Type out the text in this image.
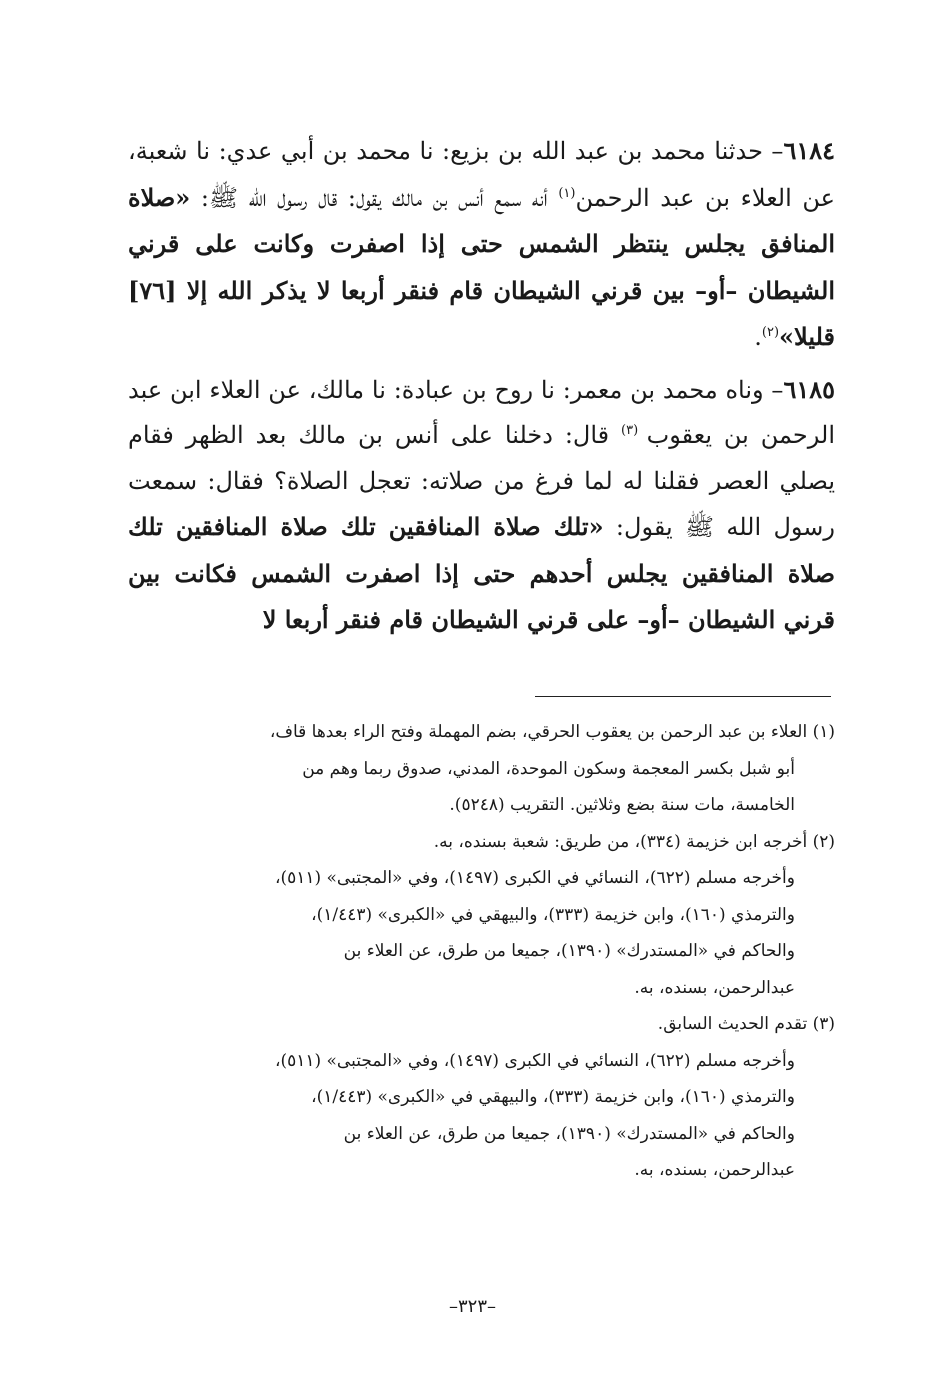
٦١٨٤– حدثنا محمد بن عبد الله بن بزيع: نا محمد بن أبي عدي: نا شعبة، عن العلاء بن عبد الرحمن$^{(١)}$ أنه سمع أنس بن مالك يقول: قال رسول الله ﷺ: «صلاة المنافق يجلس ينتظر الشمس حتى إذا اصفرت وكانت على قرني الشيطان –أو– بين قرني الشيطان قام فنقر أربعا لا يذكر الله إلا [٧٦] قليلا»$^{(٢)}$.

٦١٨٥– وناه محمد بن معمر: نا روح بن عبادة: نا مالك، عن العلاء ابن عبد الرحمن بن يعقوب $^{(٣)}$ قال: دخلنا على أنس بن مالك بعد الظهر فقام يصلي العصر فقلنا له لما فرغ من صلاته: تعجل الصلاة؟ فقال: سمعت رسول الله ﷺ يقول: «تلك صلاة المنافقين تلك صلاة المنافقين تلك صلاة المنافقين يجلس أحدهم حتى إذا اصفرت الشمس فكانت بين قرني الشيطان –أو– على قرني الشيطان قام فنقر أربعا لا

(١) العلاء بن عبد الرحمن بن يعقوب الحرقي، بضم المهملة وفتح الراء بعدها قاف،
أبو شبل بكسر المعجمة وسكون الموحدة، المدني، صدوق ربما وهم من
الخامسة، مات سنة بضع وثلاثين. التقريب (٥٢٤٨).
(٢) أخرجه ابن خزيمة (٣٣٤)، من طريق: شعبة بسنده، به.
وأخرجه مسلم (٦٢٢)، النسائي في الكبرى (١٤٩٧)، وفي «المجتبى» (٥١١)،
والترمذي (١٦٠)، وابن خزيمة (٣٣٣)، والبيهقي في «الكبرى» (١/٤٤٣)،
والحاكم في «المستدرك» (١٣٩٠)، جميعا من طرق، عن العلاء بن
عبدالرحمن، بسنده، به.
(٣) تقدم الحديث السابق.
وأخرجه مسلم (٦٢٢)، النسائي في الكبرى (١٤٩٧)، وفي «المجتبى» (٥١١)،
والترمذي (١٦٠)، وابن خزيمة (٣٣٣)، والبيهقي في «الكبرى» (١/٤٤٣)،
والحاكم في «المستدرك» (١٣٩٠)، جميعا من طرق، عن العلاء بن
عبدالرحمن، بسنده، به.
–٣٢٣–
